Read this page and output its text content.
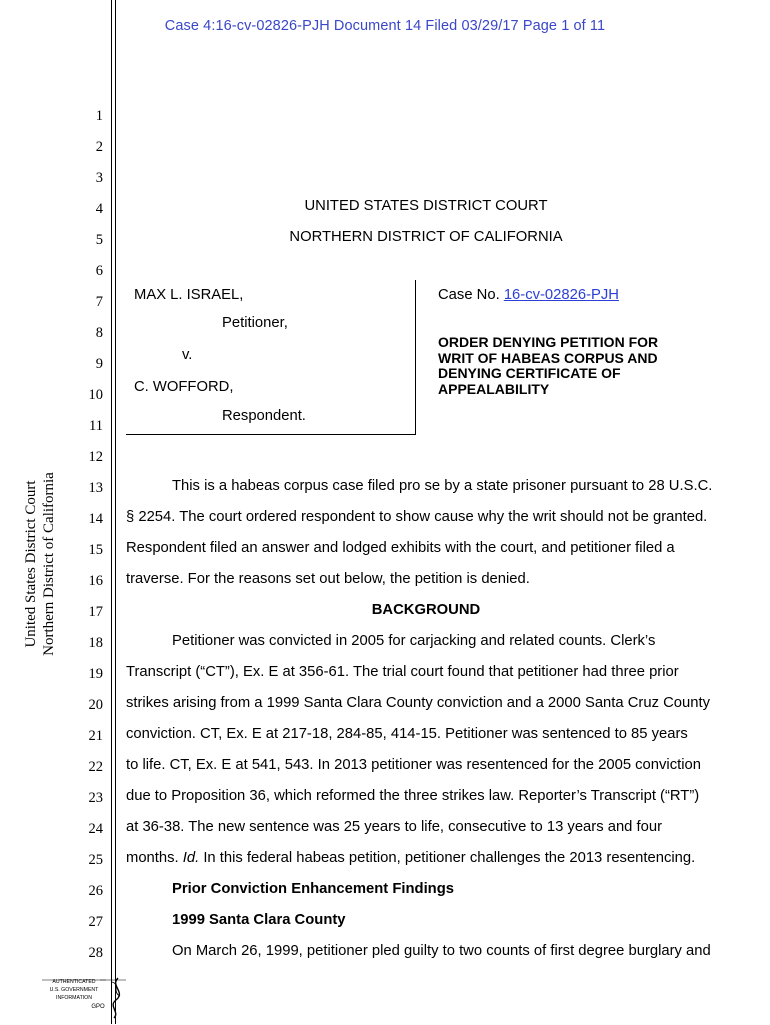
Case 4:16-cv-02826-PJH Document 14 Filed 03/29/17 Page 1 of 11
United States District Court Northern District of California
1
2
3
4
5
6
7
8
9
10
11
12
13
14
15
16
17
18
19
20
21
22
23
24
25
26
27
28
UNITED STATES DISTRICT COURT
NORTHERN DISTRICT OF CALIFORNIA
MAX L. ISRAEL,
Petitioner,
v.
C. WOFFORD,
Respondent.
Case No. 16-cv-02826-PJH
ORDER DENYING PETITION FOR
WRIT OF HABEAS CORPUS AND
DENYING CERTIFICATE OF
APPEALABILITY
This is a habeas corpus case filed pro se by a state prisoner pursuant to 28 U.S.C.
§ 2254. The court ordered respondent to show cause why the writ should not be granted.
Respondent filed an answer and lodged exhibits with the court, and petitioner filed a
traverse. For the reasons set out below, the petition is denied.
BACKGROUND
Petitioner was convicted in 2005 for carjacking and related counts. Clerk’s
Transcript (“CT”), Ex. E at 356-61. The trial court found that petitioner had three prior
strikes arising from a 1999 Santa Clara County conviction and a 2000 Santa Cruz County
conviction. CT, Ex. E at 217-18, 284-85, 414-15. Petitioner was sentenced to 85 years
to life. CT, Ex. E at 541, 543. In 2013 petitioner was resentenced for the 2005 conviction
due to Proposition 36, which reformed the three strikes law. Reporter’s Transcript (“RT”)
at 36-38. The new sentence was 25 years to life, consecutive to 13 years and four
months. Id. In this federal habeas petition, petitioner challenges the 2013 resentencing.
Prior Conviction Enhancement Findings
1999 Santa Clara County
On March 26, 1999, petitioner pled guilty to two counts of first degree burglary and
AUTHENTICATED
U.S. GOVERNMENT
INFORMATION
GPO
